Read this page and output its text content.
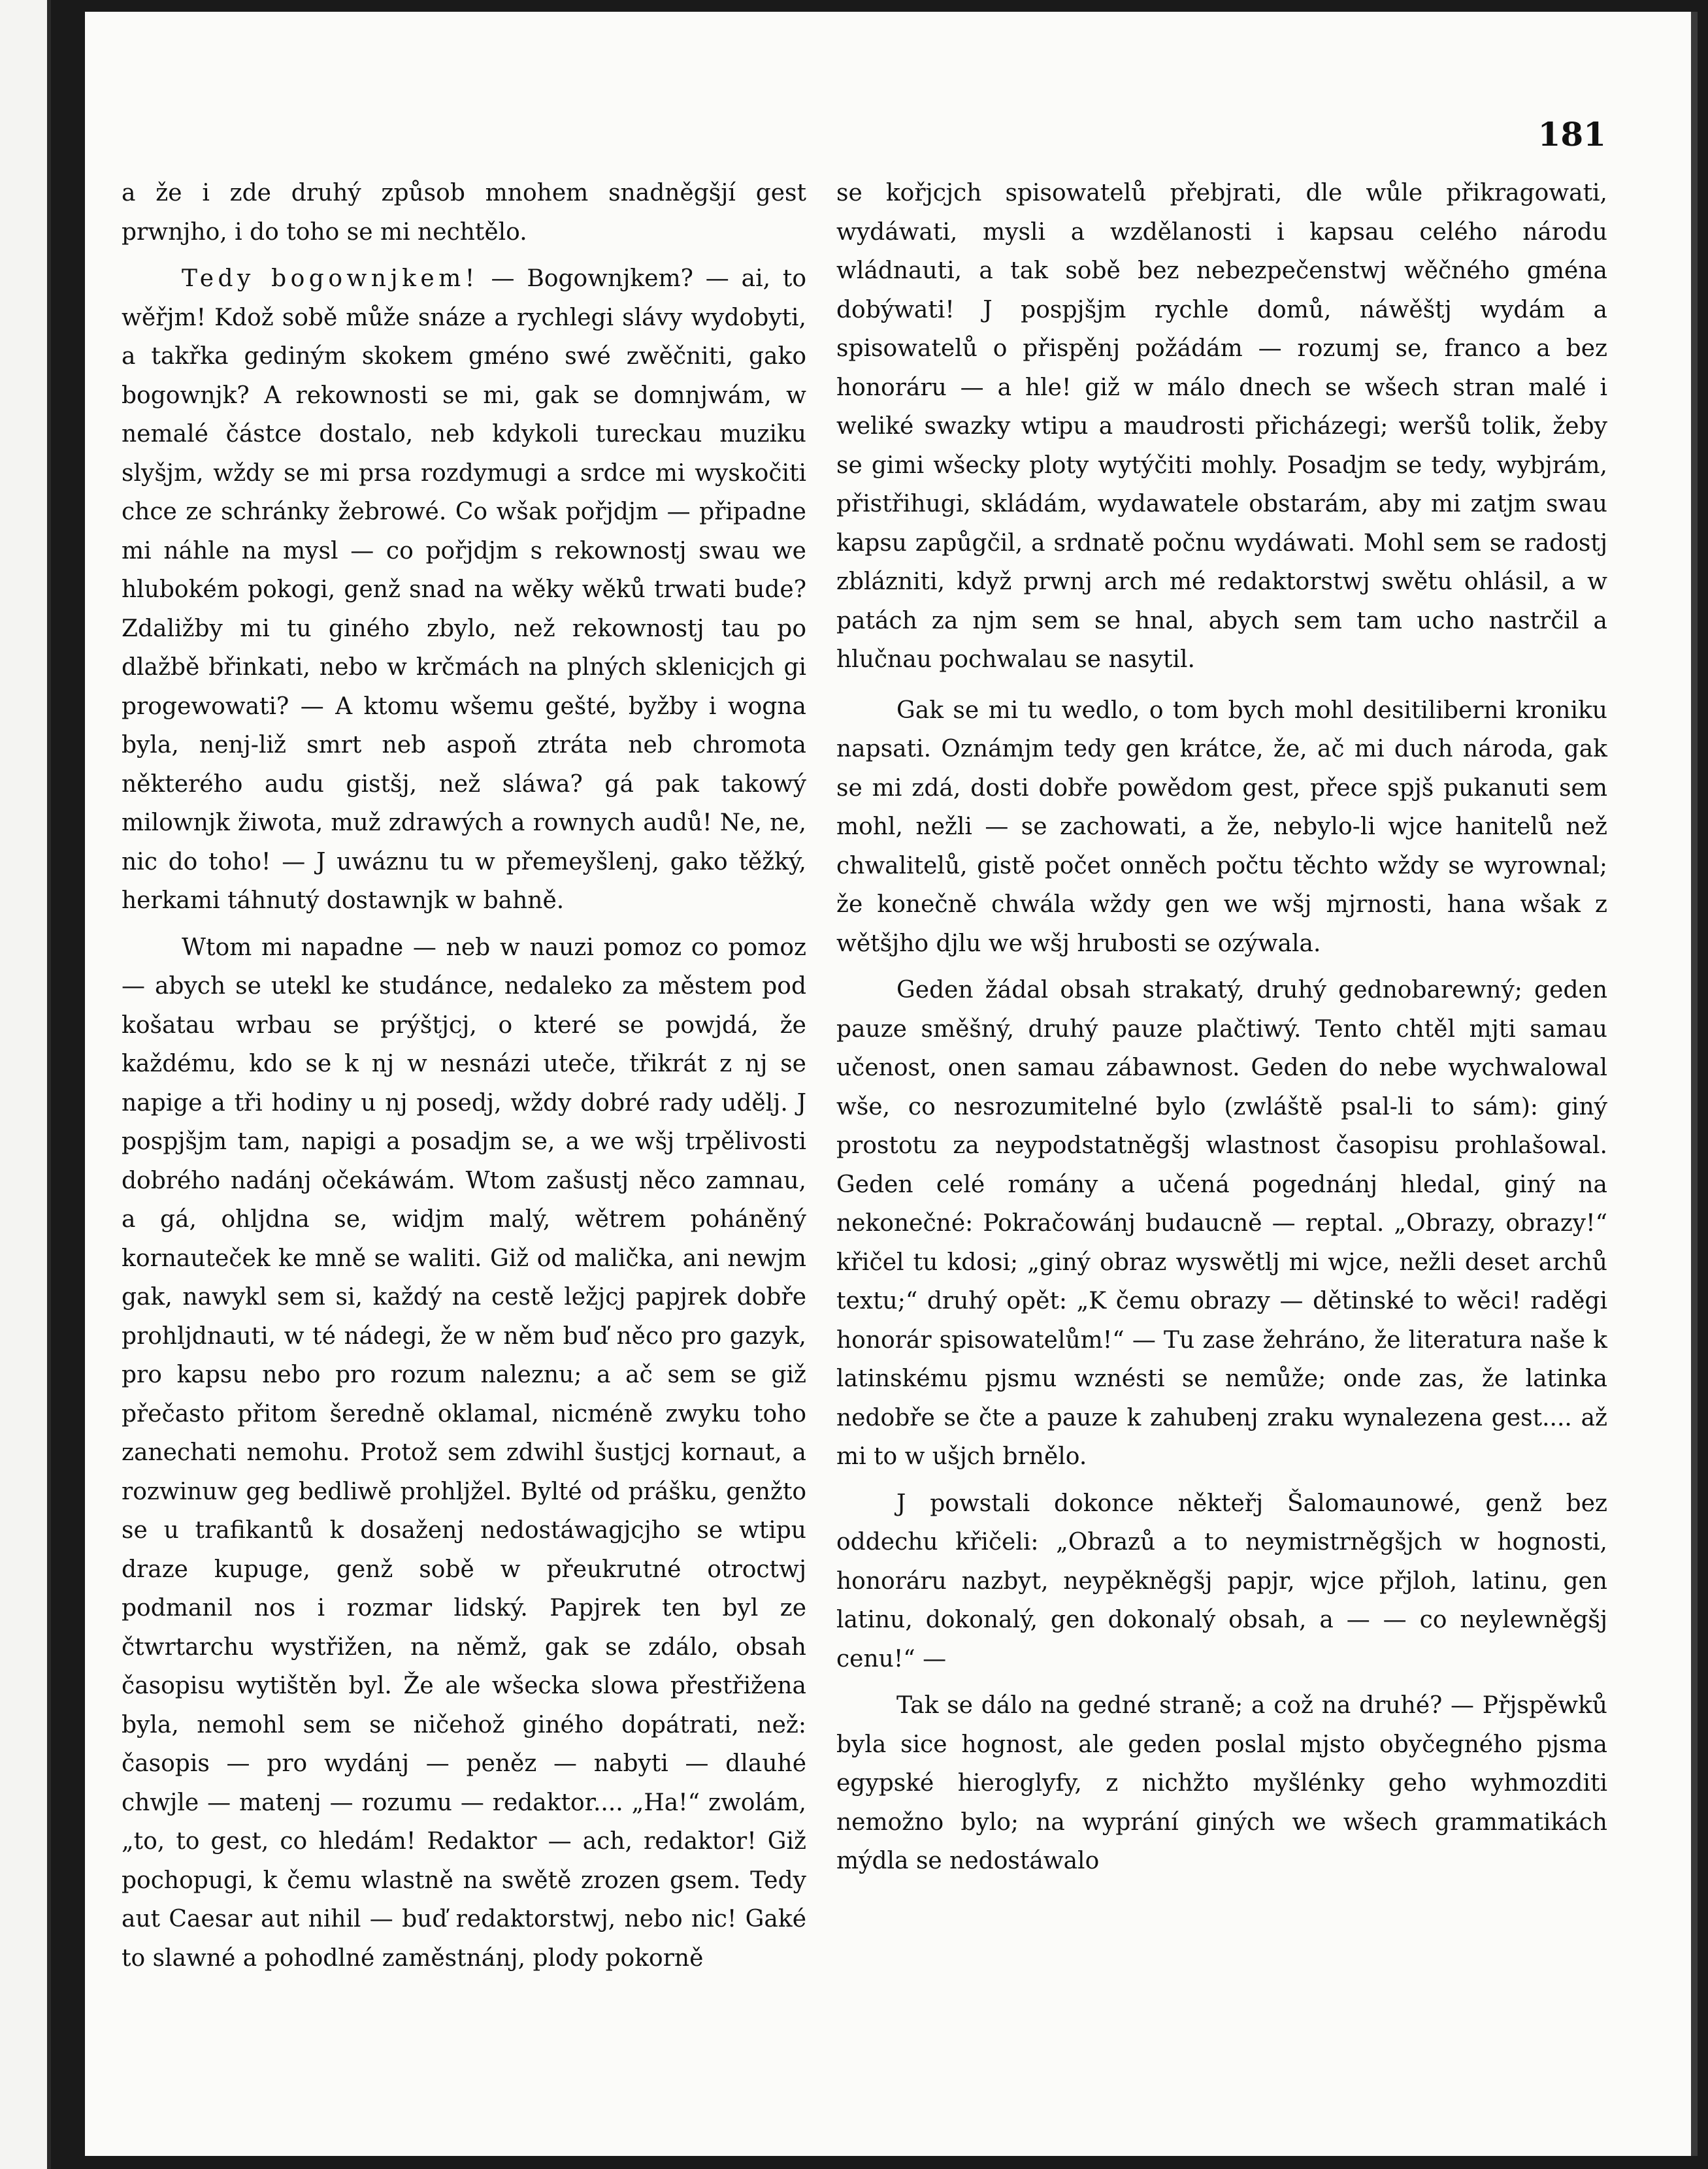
181

a že i zde druhý způsob mnohem snadněgšjí gest prwnjho, i do toho se mi nechtělo.

Tedy bogownjkem! — Bogownjkem? — ai, to wěřjm! Kdož sobě může snáze a rychlegi slávy wydobyti, a takřka gediným skokem gméno swé zwěčniti, gako bogownjk? A rekownosti se mi, gak se domnjwám, w nemalé částce dostalo, neb kdykoli tureckau muziku slyšjm, wždy se mi prsa rozdymugi a srdce mi wyskočiti chce ze schránky žebrowé. Co wšak pořjdjm — připadne mi náhle na mysl — co pořjdjm s rekownostj swau we hlubokém pokogi, genž snad na wěky wěků trwati bude? Zdaližby mi tu giného zbylo, než rekownostj tau po dlažbě břinkati, nebo w krčmách na plných sklenicjch gi progewowati? — A ktomu wšemu gešté, byžby i wogna byla, nenj-liž smrt neb aspoň ztráta neb chromota některého audu gistšj, než sláwa? gá pak takowý milownjk žiwota, muž zdrawých a rownych audů! Ne, ne, nic do toho! — J uwáznu tu w přemeyšlenj, gako těžký, herkami táhnutý dostawnjk w bahně.

Wtom mi napadne — neb w nauzi pomoz co pomoz — abych se utekl ke studánce, nedaleko za městem pod košatau wrbau se prýštjcj, o které se powjdá, že každému, kdo se k nj w nesnázi uteče, třikrát z nj se napige a tři hodiny u nj posedj, wždy dobré rady udělj. J pospjšjm tam, napigi a posadjm se, a we wšj trpělivosti dobrého nadánj očekáwám. Wtom zašustj něco zamnau, a gá, ohljdna se, widjm malý, wětrem poháněný kornauteček ke mně se waliti. Giž od malička, ani newjm gak, nawykl sem si, každý na cestě ležjcj papjrek dobře prohljdnauti, w té nádegi, že w něm buď něco pro gazyk, pro kapsu nebo pro rozum naleznu; a ač sem se giž přečasto přitom šeredně oklamal, nicméně zwyku toho zanechati nemohu. Protož sem zdwihl šustjcj kornaut, a rozwinuw geg bedliwě prohljžel. Bylté od prášku, genžto se u trafikantů k dosaženj nedostáwagjcjho se wtipu draze kupuge, genž sobě w přeukrutné otroctwj podmanil nos i rozmar lidský. Papjrek ten byl ze čtwrtarchu wystřižen, na němž, gak se zdálo, obsah časopisu wytištěn byl. Že ale wšecka slowa přestřižena byla, nemohl sem se ničehož giného dopátrati, než: časopis — pro wydánj — peněz — nabyti — dlauhé chwjle — matenj — rozumu — redaktor.... „Ha!“ zwolám, „to, to gest, co hledám! Redaktor — ach, redaktor! Giž pochopugi, k čemu wlastně na swětě zrozen gsem. Tedy aut Caesar aut nihil — buď redaktorstwj, nebo nic! Gaké to slawné a pohodlné zaměstnánj, plody pokorně

se kořjcjch spisowatelů přebjrati, dle wůle přikragowati, wydáwati, mysli a wzdělanosti i kapsau celého národu wládnauti, a tak sobě bez nebezpečenstwj wěčného gména dobýwati! J pospjšjm rychle domů, náwěštj wydám a spisowatelů o přispěnj požádám — rozumj se, franco a bez honoráru — a hle! giž w málo dnech se wšech stran malé i weliké swazky wtipu a maudrosti přicházegi; weršů tolik, žeby se gimi wšecky ploty wytýčiti mohly. Posadjm se tedy, wybjrám, přistřihugi, skládám, wydawatele obstarám, aby mi zatjm swau kapsu zapůgčil, a srdnatě počnu wydáwati. Mohl sem se radostj zblázniti, když prwnj arch mé redaktorstwj swětu ohlásil, a w patách za njm sem se hnal, abych sem tam ucho nastrčil a hlučnau pochwalau se nasytil.

Gak se mi tu wedlo, o tom bych mohl desitiliberni kroniku napsati. Oznámjm tedy gen krátce, že, ač mi duch národa, gak se mi zdá, dosti dobře powědom gest, přece spjš pukanuti sem mohl, nežli — se zachowati, a že, nebylo-li wjce hanitelů než chwalitelů, gistě počet onněch počtu těchto wždy se wyrownal; že konečně chwála wždy gen we wšj mjrnosti, hana wšak z wětšjho djlu we wšj hrubosti se ozýwala.

Geden žádal obsah strakatý, druhý gednobarewný; geden pauze směšný, druhý pauze plačtiwý. Tento chtěl mjti samau učenost, onen samau zábawnost. Geden do nebe wychwalowal wše, co nesrozumitelné bylo (zwláště psal-li to sám): giný prostotu za neypodstatněgšj wlastnost časopisu prohlašowal. Geden celé romány a učená pogednánj hledal, giný na nekonečné: Pokračowánj budaucně — reptal. „Obrazy, obrazy!“ křičel tu kdosi; „giný obraz wyswětlj mi wjce, nežli deset archů textu;“ druhý opět: „K čemu obrazy — dětinské to wěci! raděgi honorár spisowatelům!“ — Tu zase žehráno, že literatura naše k latinskému pjsmu wznésti se nemůže; onde zas, že latinka nedobře se čte a pauze k zahubenj zraku wynalezena gest.... až mi to w ušjch brnělo.

J powstali dokonce někteřj Šalomaunowé, genž bez oddechu křičeli: „Obrazů a to neymistrněgšjch w hognosti, honoráru nazbyt, neypěkněgšj papjr, wjce přjloh, latinu, gen latinu, dokonalý, gen dokonalý obsah, a — — co neylewněgšj cenu!“ —

Tak se dálo na gedné straně; a což na druhé? — Přjspěwků byla sice hognost, ale geden poslal mjsto obyčegného pjsma egypské hieroglyfy, z nichžto myšlénky geho wyhmozditi nemožno bylo; na wyprání giných we wšech grammatikách mýdla se nedostáwalo
